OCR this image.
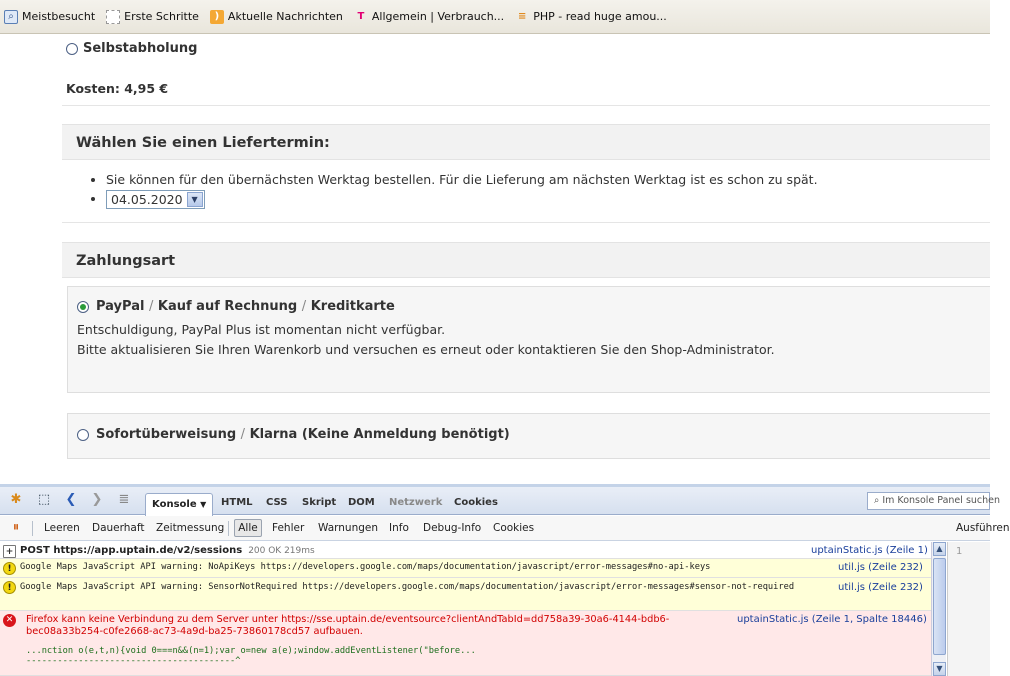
⌕ Meistbesucht	Erste Schritte	) Aktuelle Nachrichten	T Allgemein | Verbrauch... ≡ PHP - read huge amou...
Selbstabholung
Kosten: 4,95 €
Wählen Sie einen Liefertermin:
• Sie können für den übernächsten Werktag bestellen. Für die Lieferung am nächsten Werktag ist es schon zu spät.
• 04.05.2020	▼
Zahlungsart
PayPal / Kauf auf Rechnung / Kreditkarte
Entschuldigung, PayPal Plus ist momentan nicht verfügbar.
Bitte aktualisieren Sie Ihren Warenkorb und versuchen es erneut oder kontaktieren Sie den Shop-Administrator.
Sofortüberweisung / Klarna (Keine Anmeldung benötigt)
✱ ⬚ ❮ ❯ ≣	Konsole ▼	HTML CSS Skript DOM Netzwerk Cookies	⌕ Im Konsole Panel suchen
⏸	Leeren Dauerhaft Zeitmessung	Alle	Fehler Warnungen Info Debug-Info Cookies	Ausführen
+ POST https://app.uptain.de/v2/sessions 200 OK 219ms	uptainStatic.js (Zeile 1)
! Google Maps JavaScript API warning: NoApiKeys https://developers.google.com/maps/documentation/javascript/error-messages#no-api-keys	util.js (Zeile 232)
! Google Maps JavaScript API warning: SensorNotRequired https://developers.google.com/maps/documentation/javascript/error-messages#sensor-not-required	util.js (Zeile 232)
✕ Firefox kann keine Verbindung zu dem Server unter https://sse.uptain.de/eventsource?clientAndTabId=dd758a39-30a6-4144-bdb6-bec08a33b254-c0fe2668-ac73-4a9d-ba25-73860178cd57 aufbauen.
uptainStatic.js (Zeile 1, Spalte 18446)
...nction o(e,t,n){void 0===n&&(n=1);var o=new a(e);window.addEventListener("before...
----------------------------------------^
▲
▼
1
